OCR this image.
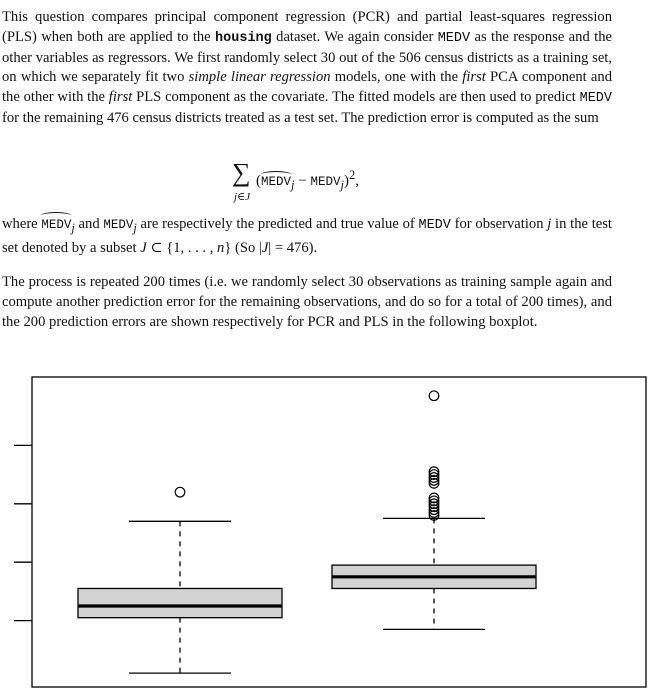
This question compares principal component regression (PCR) and partial least-squares regression (PLS) when both are applied to the housing dataset. We again consider MEDV as the response and the other variables as regressors. We first randomly select 30 out of the 506 census districts as a training set, on which we separately fit two simple linear regression models, one with the first PCA component and the other with the first PLS component as the covariate. The fitted models are then used to predict MEDV for the remaining 476 census districts treated as a test set. The prediction error is computed as the sum
∑
j∈J
($MEDV_j$ − $MEDV_j)^2$,
where $MEDV_j$ and $MEDV_j$ are respectively the predicted and true value of MEDV for observation j in the test set denoted by a subset J ⊂ {1, . . . , n} (So |J| = 476).
The process is repeated 200 times (i.e. we randomly select 30 observations as training sample again and compute another prediction error for the remaining observations, and do so for a total of 200 times), and the 200 prediction errors are shown respectively for PCR and PLS in the following boxplot.
